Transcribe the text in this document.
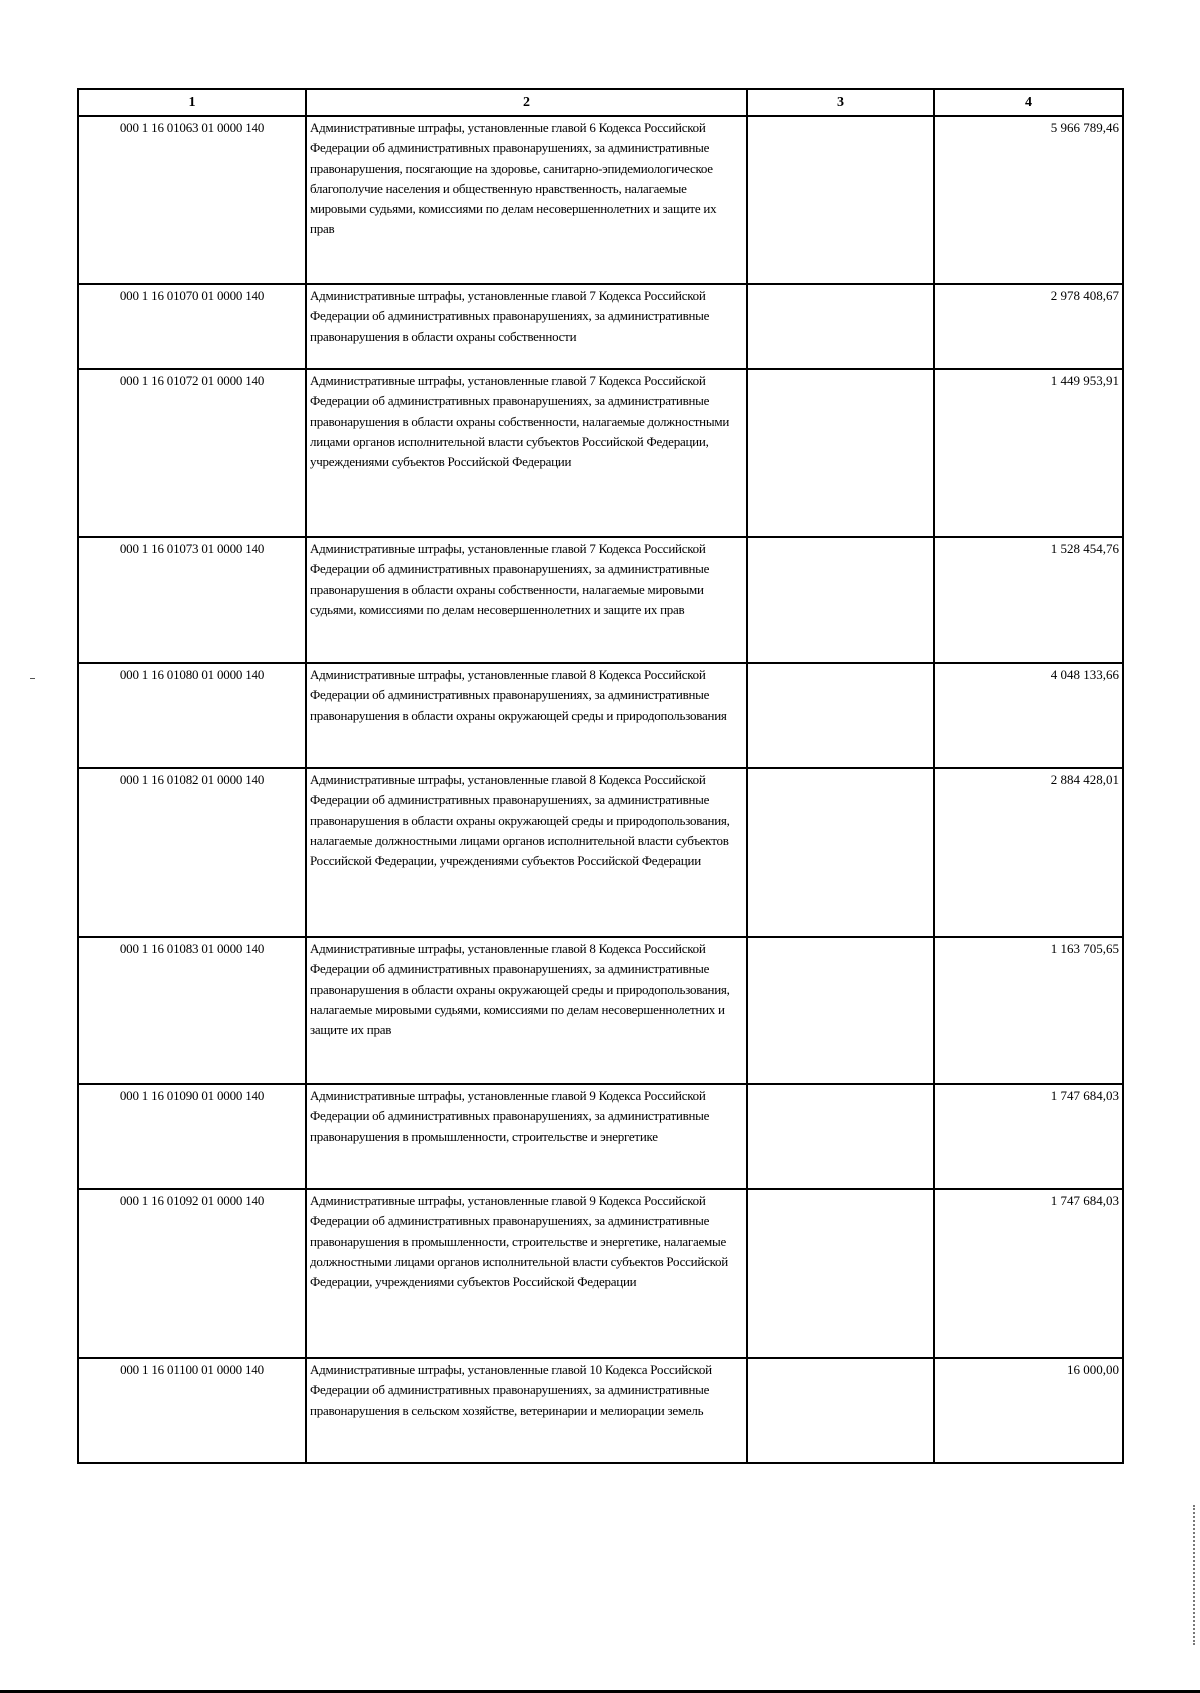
1	2	3	4
000 1 16 01063 01 0000 140	Административные штрафы, установленные главой 6 Кодекса Российской Федерации об административных правонарушениях, за административные правонарушения, посягающие на здоровье, санитарно-эпидемиологическое благополучие населения и общественную нравственность, налагаемые мировыми судьями, комиссиями по делам несовершеннолетних и защите их прав		5 966 789,46
000 1 16 01070 01 0000 140	Административные штрафы, установленные главой 7 Кодекса Российской Федерации об административных правонарушениях, за административные правонарушения в области охраны собственности		2 978 408,67
000 1 16 01072 01 0000 140	Административные штрафы, установленные главой 7 Кодекса Российской Федерации об административных правонарушениях, за административные правонарушения в области охраны собственности, налагаемые должностными лицами органов исполнительной власти субъектов Российской Федерации, учреждениями субъектов Российской Федерации		1 449 953,91
000 1 16 01073 01 0000 140	Административные штрафы, установленные главой 7 Кодекса Российской Федерации об административных правонарушениях, за административные правонарушения в области охраны собственности, налагаемые мировыми судьями, комиссиями по делам несовершеннолетних и защите их прав		1 528 454,76
000 1 16 01080 01 0000 140	Административные штрафы, установленные главой 8 Кодекса Российской Федерации об административных правонарушениях, за административные правонарушения в области охраны окружающей среды и природопользования		4 048 133,66
000 1 16 01082 01 0000 140	Административные штрафы, установленные главой 8 Кодекса Российской Федерации об административных правонарушениях, за административные правонарушения в области охраны окружающей среды и природопользования, налагаемые должностными лицами органов исполнительной власти субъектов Российской Федерации, учреждениями субъектов Российской Федерации		2 884 428,01
000 1 16 01083 01 0000 140	Административные штрафы, установленные главой 8 Кодекса Российской Федерации об административных правонарушениях, за административные правонарушения в области охраны окружающей среды и природопользования, налагаемые мировыми судьями, комиссиями по делам несовершеннолетних и защите их прав		1 163 705,65
000 1 16 01090 01 0000 140	Административные штрафы, установленные главой 9 Кодекса Российской Федерации об административных правонарушениях, за административные правонарушения в промышленности, строительстве и энергетике		1 747 684,03
000 1 16 01092 01 0000 140	Административные штрафы, установленные главой 9 Кодекса Российской Федерации об административных правонарушениях, за административные правонарушения в промышленности, строительстве и энергетике, налагаемые должностными лицами органов исполнительной власти субъектов Российской Федерации, учреждениями субъектов Российской Федерации		1 747 684,03
000 1 16 01100 01 0000 140	Административные штрафы, установленные главой 10 Кодекса Российской Федерации об административных правонарушениях, за административные правонарушения в сельском хозяйстве, ветеринарии и мелиорации земель		16 000,00
